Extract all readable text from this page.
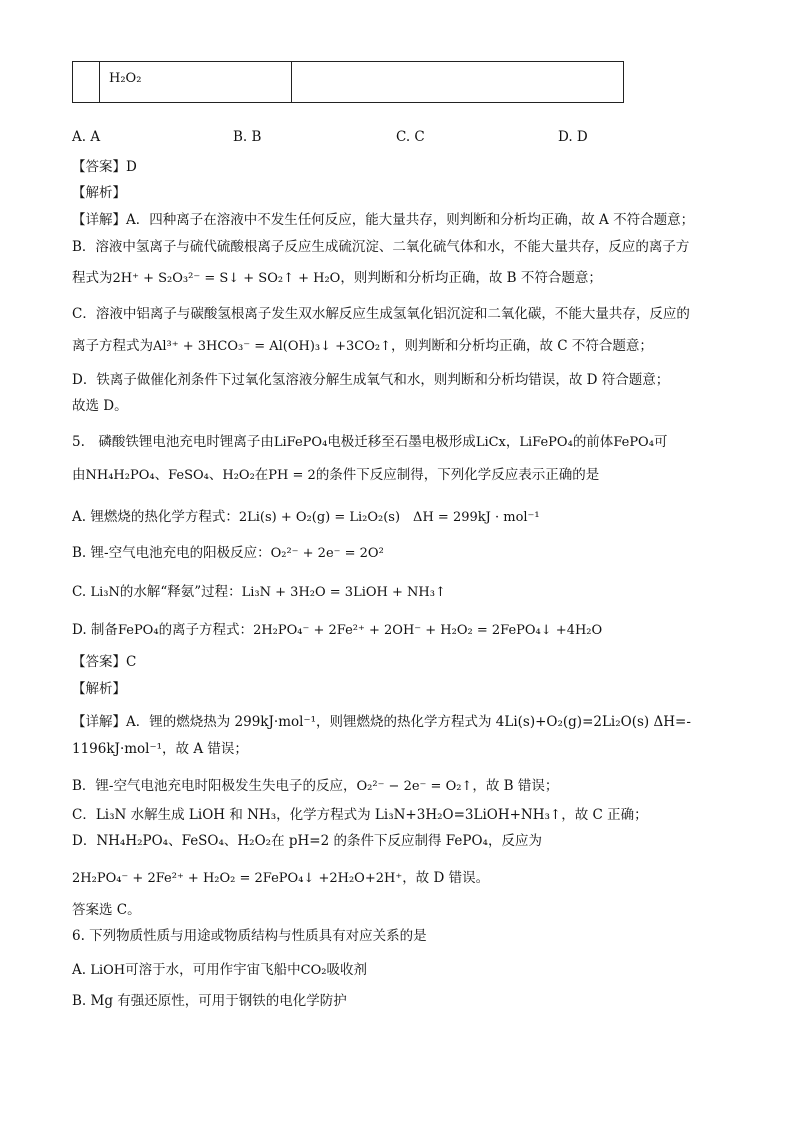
H₂O₂
A. A	B. B	C. C	D. D
【答案】D
【解析】
【详解】A．四种离子在溶液中不发生任何反应，能大量共存，则判断和分析均正确，故 A 不符合题意；
B．溶液中氢离子与硫代硫酸根离子反应生成硫沉淀、二氧化硫气体和水，不能大量共存，反应的离子方
程式为2H⁺ + S₂O₃²⁻ = S↓ + SO₂↑ + H₂O，则判断和分析均正确，故 B 不符合题意；
C．溶液中铝离子与碳酸氢根离子发生双水解反应生成氢氧化铝沉淀和二氧化碳，不能大量共存，反应的
离子方程式为Al³⁺ + 3HCO₃⁻ = Al(OH)₃↓ +3CO₂↑，则判断和分析均正确，故 C 不符合题意；
D．铁离子做催化剂条件下过氧化氢溶液分解生成氧气和水，则判断和分析均错误，故 D 符合题意；
故选 D。
5.　磷酸铁锂电池充电时锂离子由LiFePO₄电极迁移至石墨电极形成LiCx，LiFePO₄的前体FePO₄可
由NH₄H₂PO₄、FeSO₄、H₂O₂在PH = 2的条件下反应制得，下列化学反应表示正确的是
A. 锂燃烧的热化学方程式：2Li(s) + O₂(g) = Li₂O₂(s)　ΔH = 299kJ · mol⁻¹
B. 锂-空气电池充电的阳极反应：O₂²⁻ + 2e⁻ = 2O²
C. Li₃N的水解“释氨”过程：Li₃N + 3H₂O = 3LiOH + NH₃↑
D. 制备FePO₄的离子方程式：2H₂PO₄⁻ + 2Fe²⁺ + 2OH⁻ + H₂O₂ = 2FePO₄↓ +4H₂O
【答案】C
【解析】
【详解】A．锂的燃烧热为 299kJ·mol⁻¹，则锂燃烧的热化学方程式为 4Li(s)+O₂(g)=2Li₂O(s) ΔH=-
1196kJ·mol⁻¹，故 A 错误；
B．锂-空气电池充电时阳极发生失电子的反应，O₂²⁻ − 2e⁻ = O₂↑，故 B 错误；
C．Li₃N 水解生成 LiOH 和 NH₃，化学方程式为 Li₃N+3H₂O=3LiOH+NH₃↑，故 C 正确；
D．NH₄H₂PO₄、FeSO₄、H₂O₂在 pH=2 的条件下反应制得 FePO₄，反应为
2H₂PO₄⁻ + 2Fe²⁺ + H₂O₂ = 2FePO₄↓ +2H₂O+2H⁺，故 D 错误。
答案选 C。
6. 下列物质性质与用途或物质结构与性质具有对应关系的是
A. LiOH可溶于水，可用作宇宙飞船中CO₂吸收剂
B. Mg 有强还原性，可用于钢铁的电化学防护
